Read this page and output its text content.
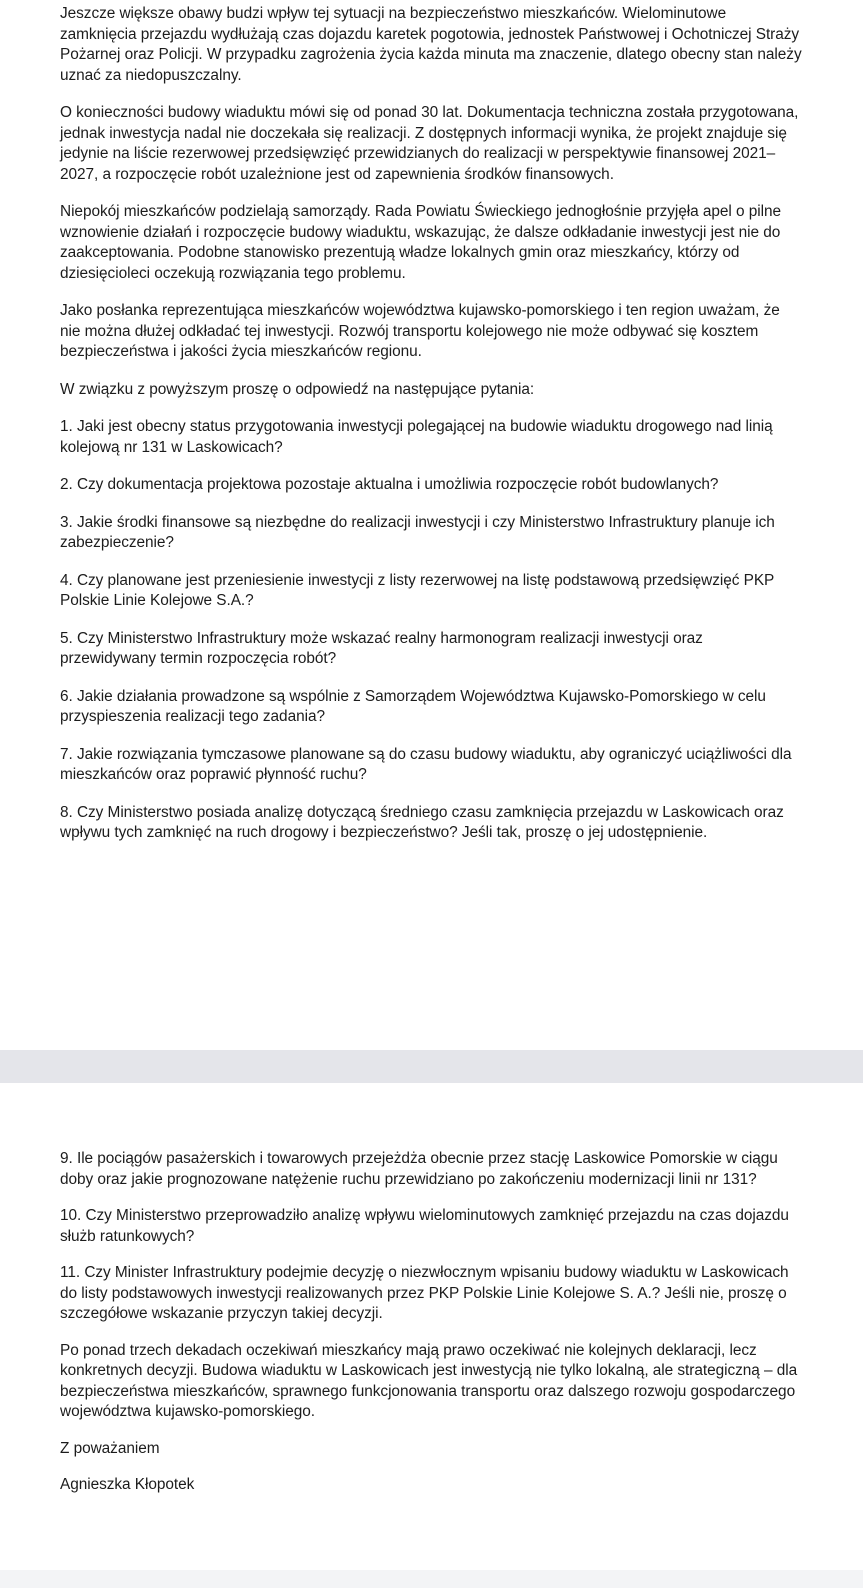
Jeszcze większe obawy budzi wpływ tej sytuacji na bezpieczeństwo mieszkańców. Wielominutowe zamknięcia przejazdu wydłużają czas dojazdu karetek pogotowia, jednostek Państwowej i Ochotniczej Straży Pożarnej oraz Policji. W przypadku zagrożenia życia każda minuta ma znaczenie, dlatego obecny stan należy uznać za niedopuszczalny.

O konieczności budowy wiaduktu mówi się od ponad 30 lat. Dokumentacja techniczna została przygotowana, jednak inwestycja nadal nie doczekała się realizacji. Z dostępnych informacji wynika, że projekt znajduje się jedynie na liście rezerwowej przedsięwzięć przewidzianych do realizacji w perspektywie finansowej 2021–2027, a rozpoczęcie robót uzależnione jest od zapewnienia środków finansowych.

Niepokój mieszkańców podzielają samorządy. Rada Powiatu Świeckiego jednogłośnie przyjęła apel o pilne wznowienie działań i rozpoczęcie budowy wiaduktu, wskazując, że dalsze odkładanie inwestycji jest nie do zaakceptowania. Podobne stanowisko prezentują władze lokalnych gmin oraz mieszkańcy, którzy od dziesięcioleci oczekują rozwiązania tego problemu.

Jako posłanka reprezentująca mieszkańców województwa kujawsko-pomorskiego i ten region uważam, że nie można dłużej odkładać tej inwestycji. Rozwój transportu kolejowego nie może odbywać się kosztem bezpieczeństwa i jakości życia mieszkańców regionu.

W związku z powyższym proszę o odpowiedź na następujące pytania:

1. Jaki jest obecny status przygotowania inwestycji polegającej na budowie wiaduktu drogowego nad linią kolejową nr 131 w Laskowicach?

2. Czy dokumentacja projektowa pozostaje aktualna i umożliwia rozpoczęcie robót budowlanych?

3. Jakie środki finansowe są niezbędne do realizacji inwestycji i czy Ministerstwo Infrastruktury planuje ich zabezpieczenie?

4. Czy planowane jest przeniesienie inwestycji z listy rezerwowej na listę podstawową przedsięwzięć PKP Polskie Linie Kolejowe S.A.?

5. Czy Ministerstwo Infrastruktury może wskazać realny harmonogram realizacji inwestycji oraz przewidywany termin rozpoczęcia robót?

6. Jakie działania prowadzone są wspólnie z Samorządem Województwa Kujawsko-Pomorskiego w celu przyspieszenia realizacji tego zadania?

7. Jakie rozwiązania tymczasowe planowane są do czasu budowy wiaduktu, aby ograniczyć uciążliwości dla mieszkańców oraz poprawić płynność ruchu?

8. Czy Ministerstwo posiada analizę dotyczącą średniego czasu zamknięcia przejazdu w Laskowicach oraz wpływu tych zamknięć na ruch drogowy i bezpieczeństwo? Jeśli tak, proszę o jej udostępnienie.

9. Ile pociągów pasażerskich i towarowych przejeżdża obecnie przez stację Laskowice Pomorskie w ciągu doby oraz jakie prognozowane natężenie ruchu przewidziano po zakończeniu modernizacji linii nr 131?

10. Czy Ministerstwo przeprowadziło analizę wpływu wielominutowych zamknięć przejazdu na czas dojazdu służb ratunkowych?

11. Czy Minister Infrastruktury podejmie decyzję o niezwłocznym wpisaniu budowy wiaduktu w Laskowicach do listy podstawowych inwestycji realizowanych przez PKP Polskie Linie Kolejowe S. A.? Jeśli nie, proszę o szczegółowe wskazanie przyczyn takiej decyzji.

Po ponad trzech dekadach oczekiwań mieszkańcy mają prawo oczekiwać nie kolejnych deklaracji, lecz konkretnych decyzji. Budowa wiaduktu w Laskowicach jest inwestycją nie tylko lokalną, ale strategiczną – dla bezpieczeństwa mieszkańców, sprawnego funkcjonowania transportu oraz dalszego rozwoju gospodarczego województwa kujawsko-pomorskiego.

Z poważaniem

Agnieszka Kłopotek
